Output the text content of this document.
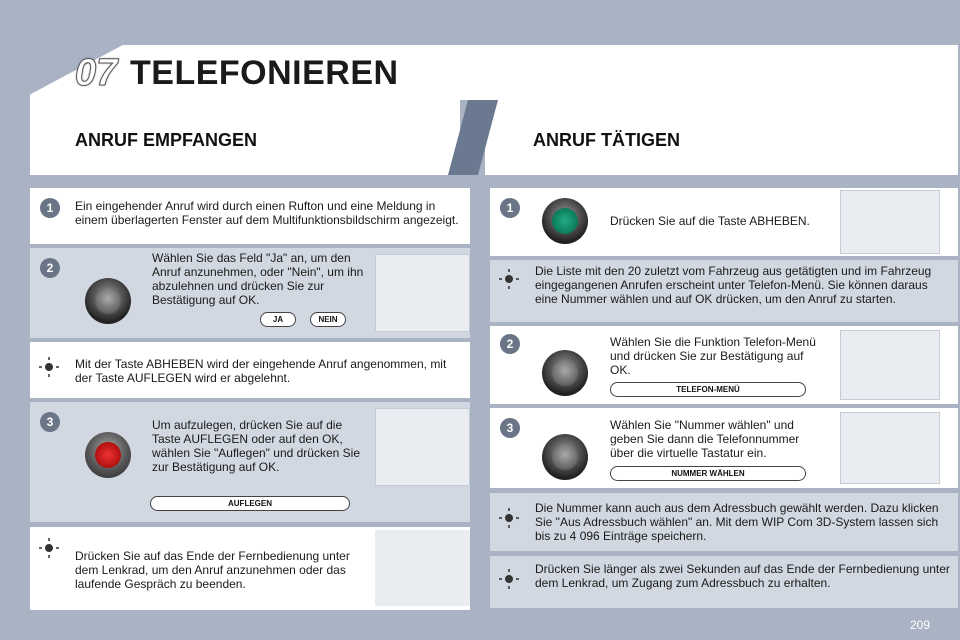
07 TELEFONIEREN
ANRUF EMPFANGEN	ANRUF TÄTIGEN
1	Ein eingehender Anruf wird durch einen Rufton und eine Meldung in einem überlagerten Fenster auf dem Multifunktionsbildschirm angezeigt.
2
Wählen Sie das Feld "Ja" an, um den Anruf anzunehmen, oder "Nein", um ihn abzulehnen und drücken Sie zur Bestätigung auf OK.
JA	NEIN
Mit der Taste ABHEBEN wird der eingehende Anruf angenommen, mit der Taste AUFLEGEN wird er abgelehnt.
3	Um aufzulegen, drücken Sie auf die Taste AUFLEGEN oder auf den OK, wählen Sie "Auflegen" und drücken Sie zur Bestätigung auf OK.
AUFLEGEN
Drücken Sie auf das Ende der Fernbedienung unter dem Lenkrad, um den Anruf anzunehmen oder das laufende Gespräch zu beenden.
1
Drücken Sie auf die Taste ABHEBEN.
Die Liste mit den 20 zuletzt vom Fahrzeug aus getätigten und im Fahrzeug eingegangenen Anrufen erscheint unter Telefon-Menü. Sie können daraus eine Nummer wählen und auf OK drücken, um den Anruf zu starten.
2	Wählen Sie die Funktion Telefon-Menü und drücken Sie zur Bestätigung auf OK.
TELEFON-MENÜ
3	Wählen Sie "Nummer wählen" und geben Sie dann die Telefonnummer über die virtuelle Tastatur ein.
NUMMER WÄHLEN
Die Nummer kann auch aus dem Adressbuch gewählt werden. Dazu klicken Sie "Aus Adressbuch wählen" an. Mit dem WIP Com 3D-System lassen sich bis zu 4 096 Einträge speichern.
Drücken Sie länger als zwei Sekunden auf das Ende der Fernbedienung unter dem Lenkrad, um Zugang zum Adressbuch zu erhalten.
209
